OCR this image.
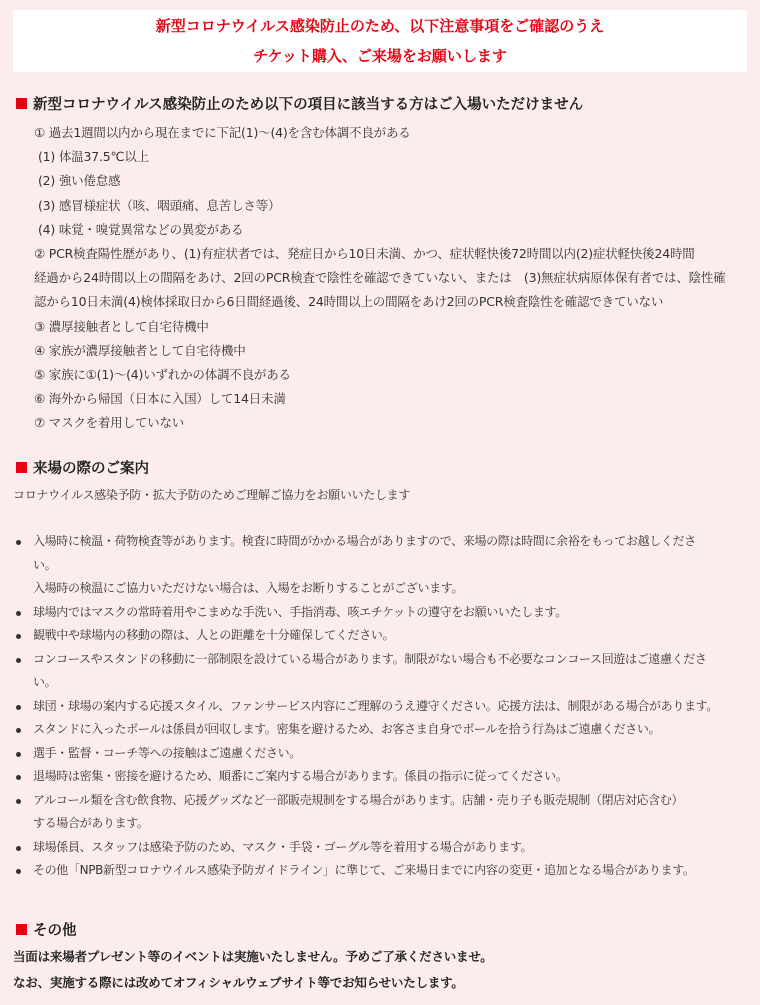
新型コロナウイルス感染防止のため、以下注意事項をご確認のうえ
チケット購入、ご来場をお願いします
新型コロナウイルス感染防止のため以下の項目に該当する方はご入場いただけません
① 過去1週間以内から現在までに下記(1)～(4)を含む体調不良がある
(1) 体温37.5℃以上
(2) 強い倦怠感
(3) 感冒様症状（咳、咽頭痛、息苦しさ等）
(4) 味覚・嗅覚異常などの異変がある
② PCR検査陽性歴があり、(1)有症状者では、発症日から10日未満、かつ、症状軽快後72時間以内(2)症状軽快後24時間
経過から24時間以上の間隔をあけ、2回のPCR検査で陰性を確認できていない、または　(3)無症状病原体保有者では、陰性確
認から10日未満(4)検体採取日から6日間経過後、24時間以上の間隔をあけ2回のPCR検査陰性を確認できていない
③ 濃厚接触者として自宅待機中
④ 家族が濃厚接触者として自宅待機中
⑤ 家族に①(1)～(4)いずれかの体調不良がある
⑥ 海外から帰国（日本に入国）して14日未満
⑦ マスクを着用していない
来場の際のご案内
コロナウイルス感染予防・拡大予防のためご理解ご協力をお願いいたします
入場時に検温・荷物検査等があります。検査に時間がかかる場合がありますので、来場の際は時間に余裕をもってお越しくださ
い。
入場時の検温にご協力いただけない場合は、入場をお断りすることがございます。
球場内ではマスクの常時着用やこまめな手洗い、手指消毒、咳エチケットの遵守をお願いいたします。
観戦中や球場内の移動の際は、人との距離を十分確保してください。
コンコースやスタンドの移動に一部制限を設けている場合があります。制限がない場合も不必要なコンコース回遊はご遠慮くださ
い。
球団・球場の案内する応援スタイル、ファンサービス内容にご理解のうえ遵守ください。応援方法は、制限がある場合があります。
スタンドに入ったボールは係員が回収します。密集を避けるため、お客さま自身でボールを拾う行為はご遠慮ください。
選手・監督・コーチ等への接触はご遠慮ください。
退場時は密集・密接を避けるため、順番にご案内する場合があります。係員の指示に従ってください。
アルコール類を含む飲食物、応援グッズなど一部販売規制をする場合があります。店舗・売り子も販売規制（閉店対応含む）
する場合があります。
球場係員、スタッフは感染予防のため、マスク・手袋・ゴーグル等を着用する場合があります。
その他「NPB新型コロナウイルス感染予防ガイドライン」に準じて、ご来場日までに内容の変更・追加となる場合があります。
その他
当面は来場者プレゼント等のイベントは実施いたしません。予めご了承くださいませ。
なお、実施する際には改めてオフィシャルウェブサイト等でお知らせいたします。
